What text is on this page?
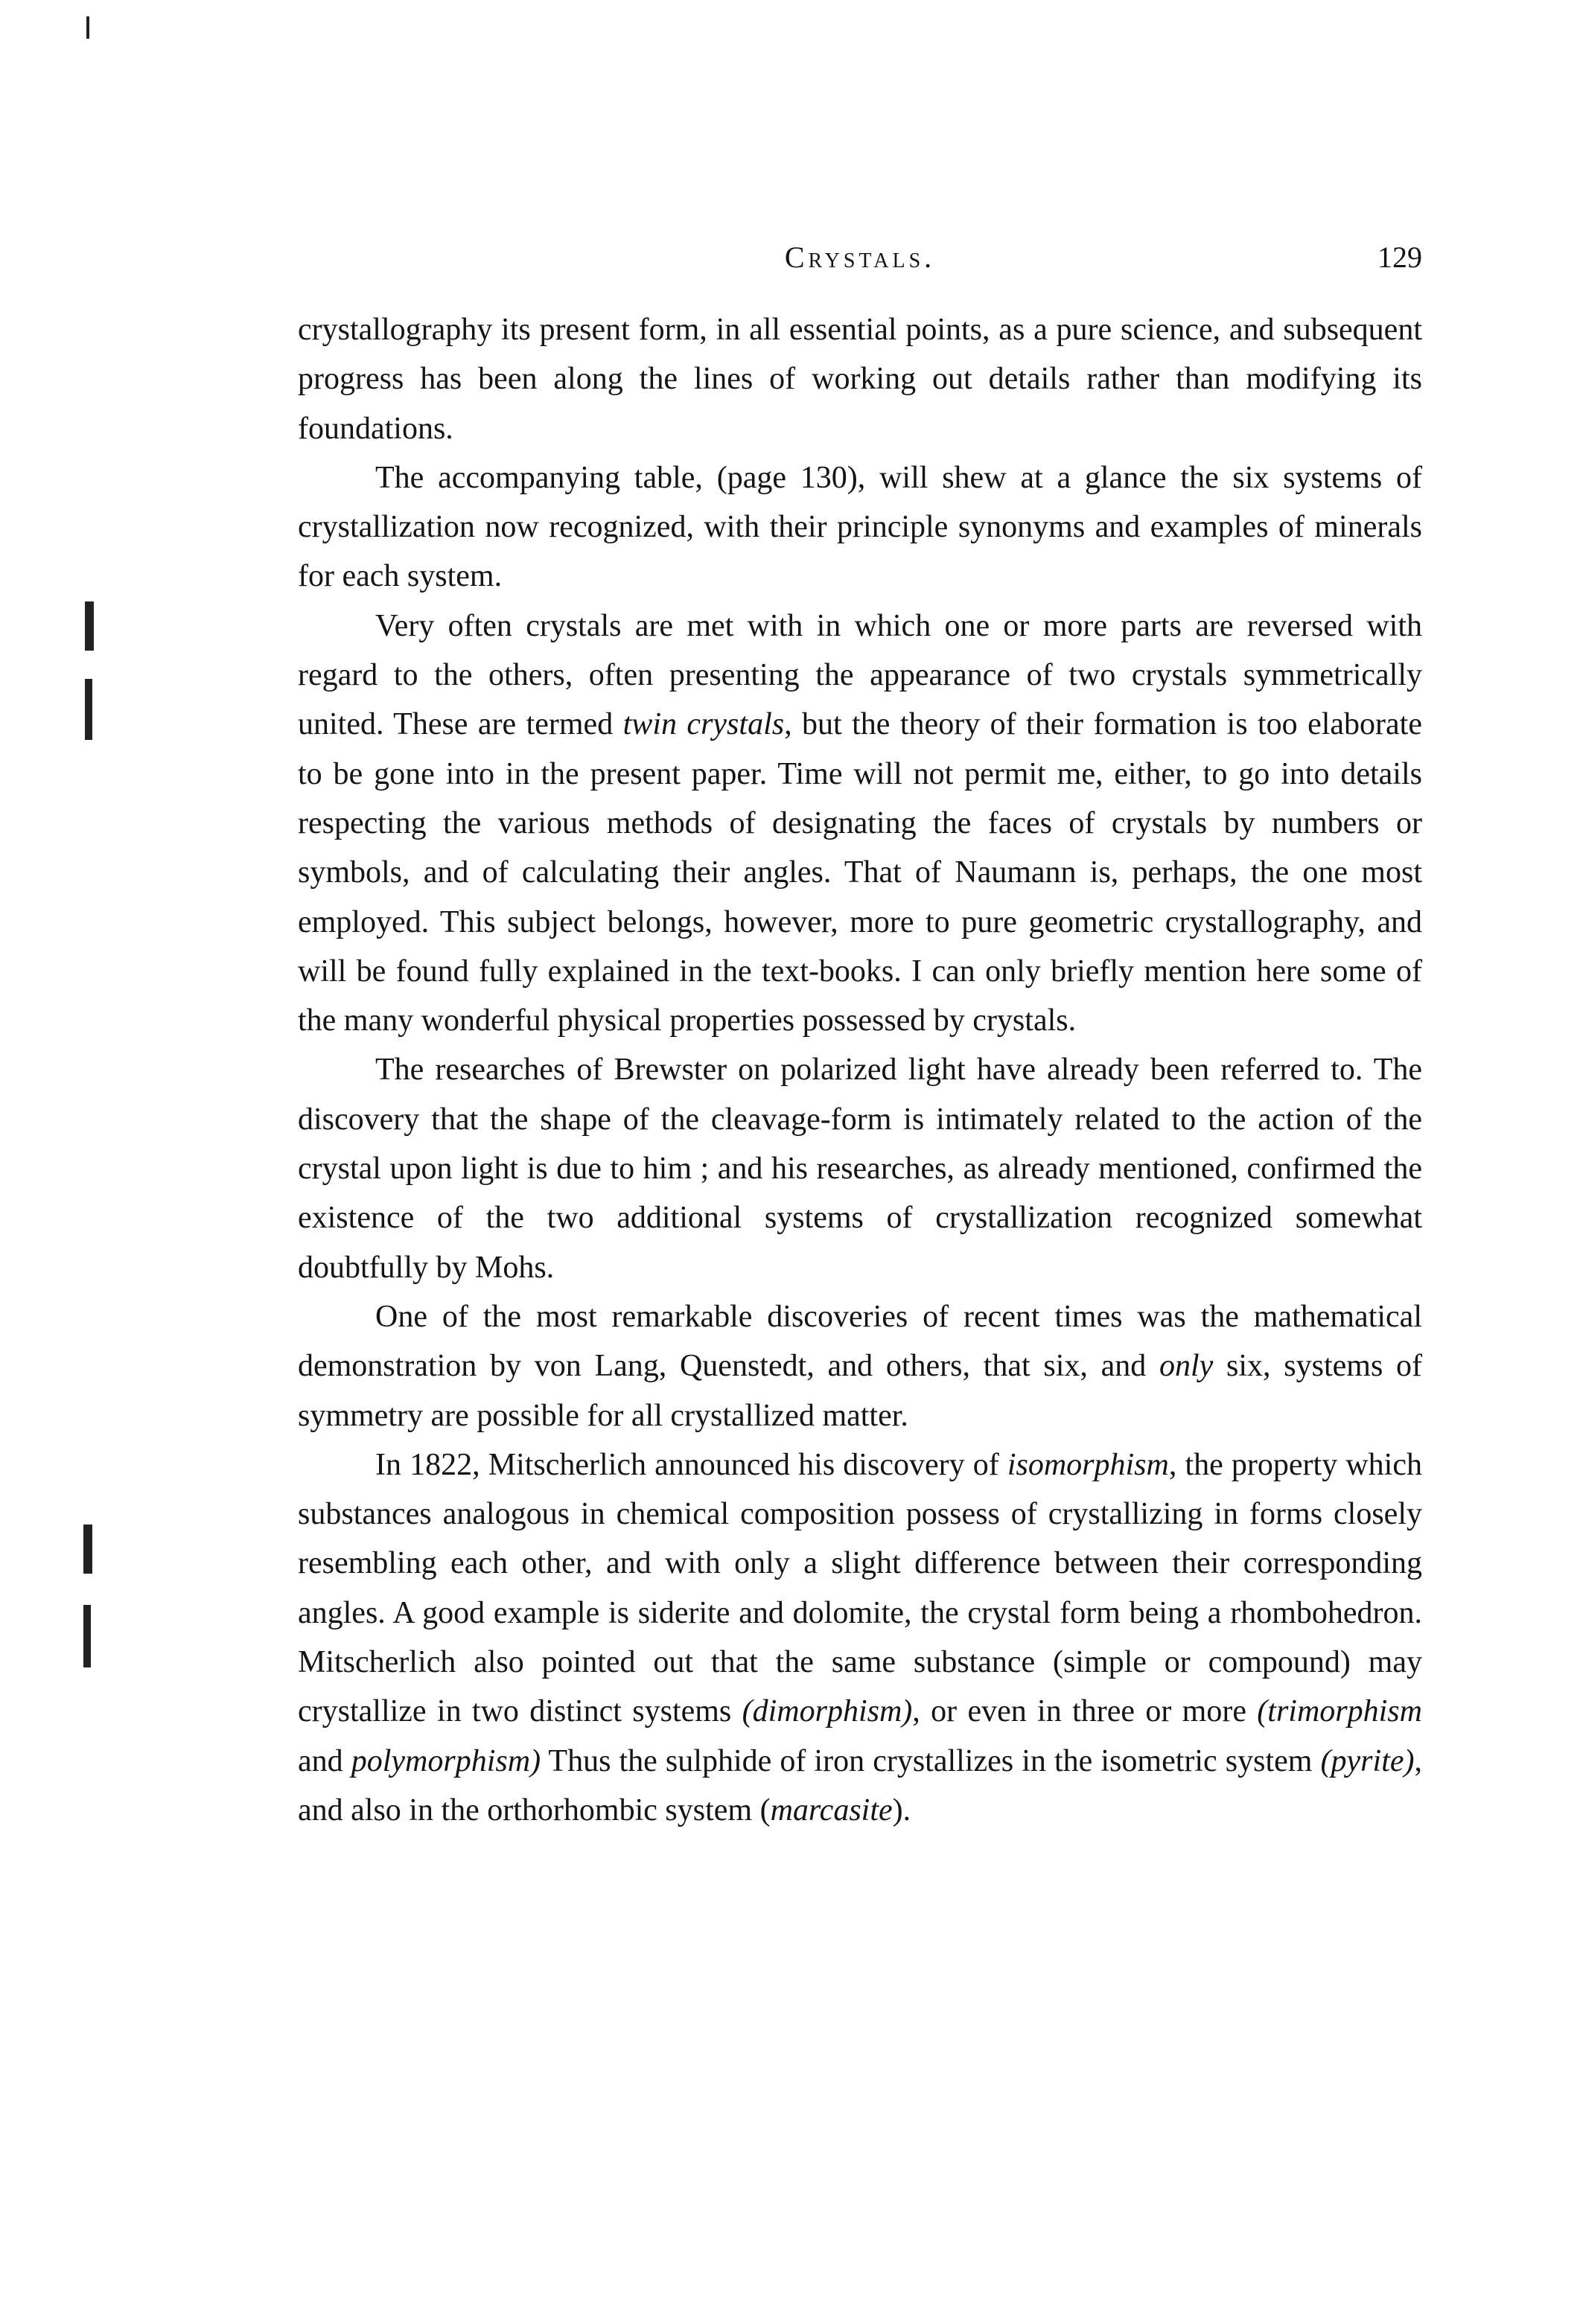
Crystals.	129

crystallography its present form, in all essential points, as a pure science, and subsequent progress has been along the lines of working out details rather than modifying its foundations.

The accompanying table, (page 130), will shew at a glance the six systems of crystallization now recognized, with their principle synonyms and examples of minerals for each system.

Very often crystals are met with in which one or more parts are reversed with regard to the others, often presenting the appearance of two crystals symmetrically united. These are termed twin crystals, but the theory of their formation is too elaborate to be gone into in the present paper. Time will not permit me, either, to go into details respecting the various methods of designating the faces of crystals by numbers or symbols, and of calculating their angles. That of Naumann is, perhaps, the one most employed. This subject belongs, however, more to pure geometric crystallography, and will be found fully explained in the text-books. I can only briefly mention here some of the many wonderful physical properties possessed by crystals.

The researches of Brewster on polarized light have already been referred to. The discovery that the shape of the cleavage-form is intimately related to the action of the crystal upon light is due to him ; and his researches, as already mentioned, confirmed the existence of the two additional systems of crystallization recognized somewhat doubtfully by Mohs.

One of the most remarkable discoveries of recent times was the mathematical demonstration by von Lang, Quenstedt, and others, that six, and only six, systems of symmetry are possible for all crystallized matter.

In 1822, Mitscherlich announced his discovery of isomorphism, the property which substances analogous in chemical composition possess of crystallizing in forms closely resembling each other, and with only a slight difference between their corresponding angles. A good example is siderite and dolomite, the crystal form being a rhombohedron. Mitscherlich also pointed out that the same substance (simple or compound) may crystallize in two distinct systems (dimorphism), or even in three or more (trimorphism and polymorphism) Thus the sulphide of iron crystallizes in the isometric system (pyrite), and also in the orthorhombic system (marcasite).
